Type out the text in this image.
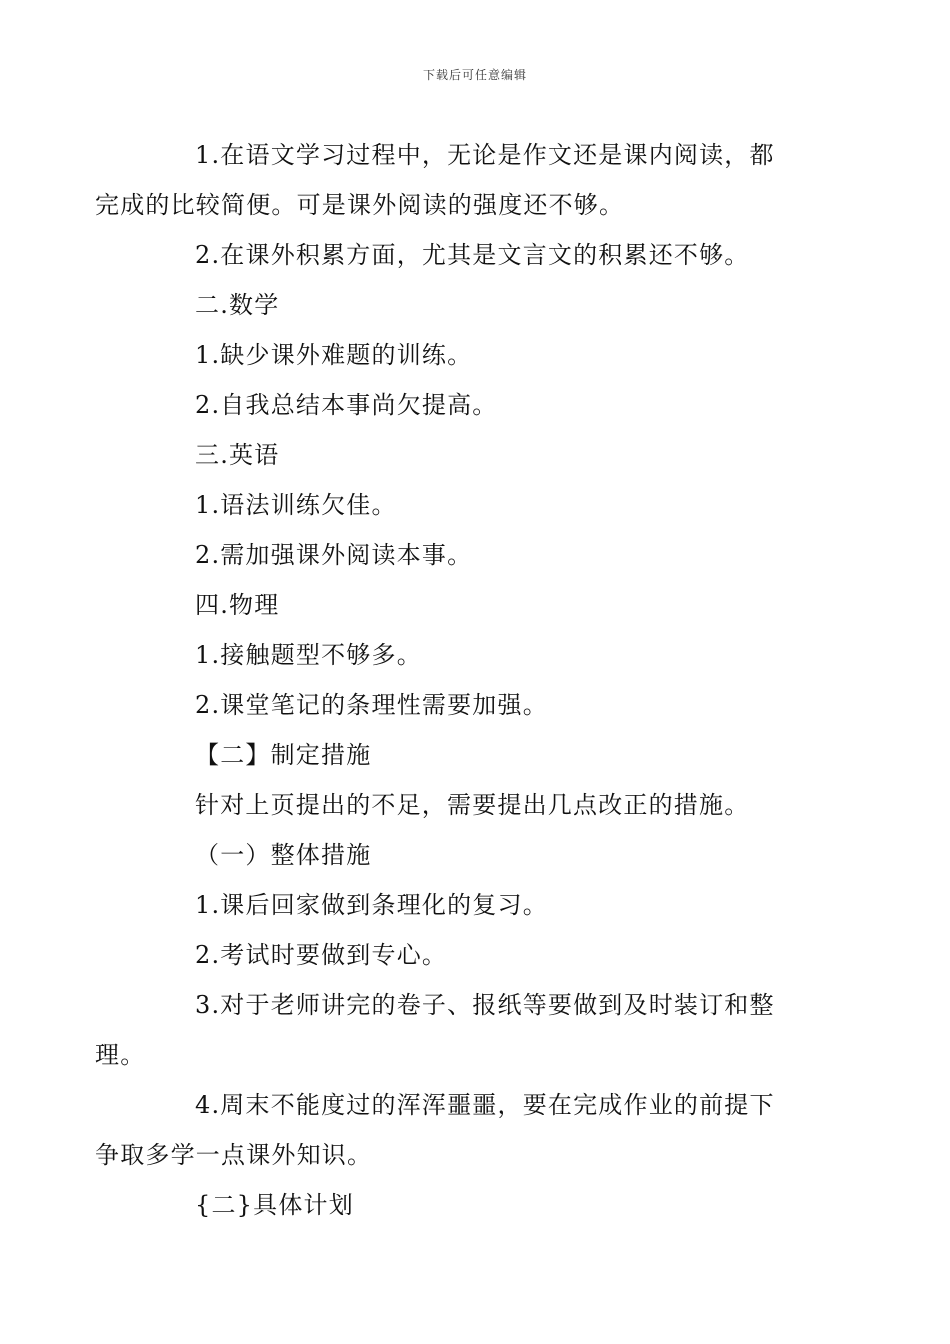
下载后可任意编辑

1.在语文学习过程中，无论是作文还是课内阅读，都
完成的比较简便。可是课外阅读的强度还不够。

2.在课外积累方面，尤其是文言文的积累还不够。

二.数学

1.缺少课外难题的训练。

2.自我总结本事尚欠提高。

三.英语

1.语法训练欠佳。

2.需加强课外阅读本事。

四.物理

1.接触题型不够多。

2.课堂笔记的条理性需要加强。

【二】制定措施

针对上页提出的不足，需要提出几点改正的措施。

（一）整体措施

1.课后回家做到条理化的复习。

2.考试时要做到专心。

3.对于老师讲完的卷子、报纸等要做到及时装订和整
理。

4.周末不能度过的浑浑噩噩，要在完成作业的前提下
争取多学一点课外知识。

{二}具体计划
